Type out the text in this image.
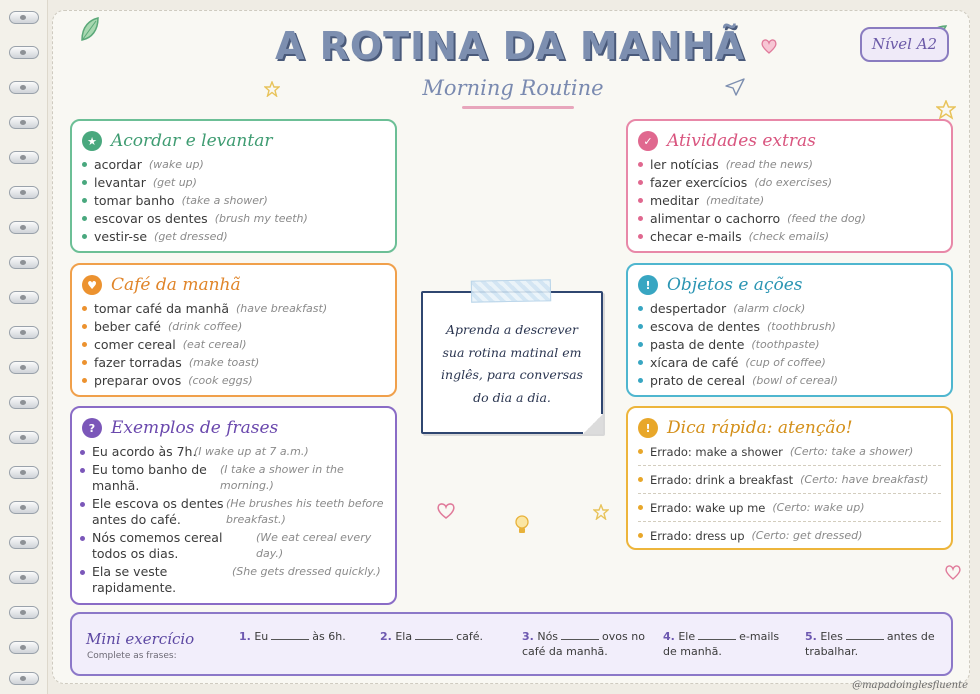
A ROTINA DA MANHÃ
Morning Routine
Nível A2
★ Acordar e levantar
acordar (wake up)
levantar (get up)
tomar banho (take a shower)
escovar os dentes (brush my teeth)
vestir-se (get dressed)
♥ Café da manhã
tomar café da manhã (have breakfast)
beber café (drink coffee)
comer cereal (eat cereal)
fazer torradas (make toast)
preparar ovos (cook eggs)
? Exemplos de frases
Eu acordo às 7h.
(I wake up at 7 a.m.)
Eu tomo banho de manhã.
(I take a shower in the morning.)
Ele escova os dentes antes do café.
(He brushes his teeth before breakfast.)
Nós comemos cereal todos os dias.
(We eat cereal every day.)
Ela se veste rapidamente.
(She gets dressed quickly.)
Aprenda a descrever
sua rotina matinal em
inglês, para conversas
do dia a dia.
✓ Atividades extras
ler notícias (read the news)
fazer exercícios (do exercises)
meditar (meditate)
alimentar o cachorro (feed the dog)
checar e-mails (check emails)
! Objetos e ações
despertador (alarm clock)
escova de dentes (toothbrush)
pasta de dente (toothpaste)
xícara de café (cup of coffee)
prato de cereal (bowl of cereal)
! Dica rápida: atenção!
Errado: make a shower (Certo: take a shower)
Errado: drink a breakfast (Certo: have breakfast)
Errado: wake up me (Certo: wake up)
Errado: dress up (Certo: get dressed)
Mini exercício
Complete as frases:
1. Eu	às 6h.	2. Ela	café.	3. Nós	ovos no café da manhã.
4. Ele	e-mails de manhã.
5. Eles	antes de trabalhar.
@mapadoinglesfluente
